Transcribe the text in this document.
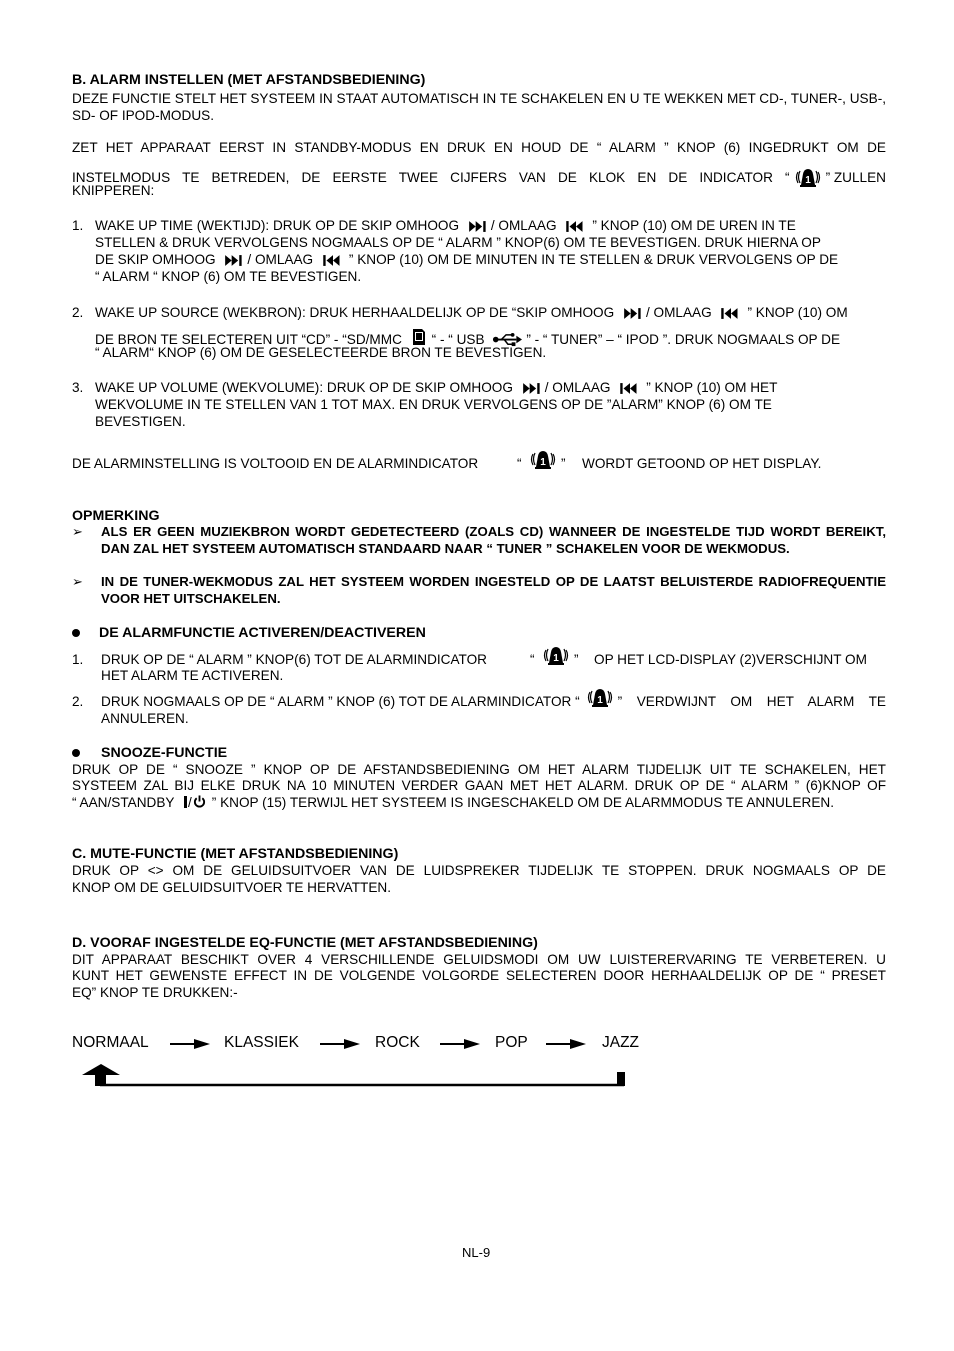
B. ALARM INSTELLEN (MET AFSTANDSBEDIENING)
DEZE FUNCTIE STELT HET SYSTEEM IN STAAT AUTOMATISCH IN TE SCHAKELEN EN U TE WEKKEN MET CD-, TUNER-, USB-, SD- OF IPOD-MODUS.
ZET HET APPARAAT EERST IN STANDBY-MODUS EN DRUK EN HOUD DE “ ALARM ” KNOP (6) INGEDRUKT OM DE
INSTELMODUS TE BETREDEN, DE EERSTE TWEE CIJFERS VAN DE KLOK EN DE INDICATOR “	” ZULLEN
KNIPPEREN:
1. WAKE UP TIME (WEKTIJD): DRUK OP DE SKIP OMHOOG / OMLAAG	” KNOP (10) OM DE UREN IN TE
STELLEN & DRUK VERVOLGENS NOGMAALS OP DE “ ALARM ” KNOP(6) OM TE BEVESTIGEN. DRUK HIERNA OP
DE SKIP OMHOOG / OMLAAG	” KNOP (10) OM DE MINUTEN IN TE STELLEN & DRUK VERVOLGENS OP DE
“ ALARM “ KNOP (6) OM TE BEVESTIGEN.
2. WAKE UP SOURCE (WEKBRON): DRUK HERHAALDELIJK OP DE “SKIP OMHOOG / OMLAAG	” KNOP (10) OM
DE BRON TE SELECTEREN UIT “CD” - “SD/MMC “ - “ USB	” - “ TUNER” – “ IPOD ”. DRUK NOGMAALS OP DE
“ ALARM“ KNOP (6) OM DE GESELECTEERDE BRON TE BEVESTIGEN.
3. WAKE UP VOLUME (WEKVOLUME): DRUK OP DE SKIP OMHOOG / OMLAAG	” KNOP (10) OM HET
WEKVOLUME IN TE STELLEN VAN 1 TOT MAX. EN DRUK VERVOLGENS OP DE ”ALARM” KNOP (6) OM TE
BEVESTIGEN.
DE ALARMINSTELLING IS VOLTOOID EN DE ALARMINDICATOR	“	” WORDT GETOOND OP HET DISPLAY.
OPMERKING
➢ ALS ER GEEN MUZIEKBRON WORDT GEDETECTEERD (ZOALS CD) WANNEER DE INGESTELDE TIJD WORDT BEREIKT, DAN ZAL HET SYSTEEM AUTOMATISCH STANDAARD NAAR “ TUNER ” SCHAKELEN VOOR DE WEKMODUS.
➢ IN DE TUNER-WEKMODUS ZAL HET SYSTEEM WORDEN INGESTELD OP DE LAATST BELUISTERDE RADIOFREQUENTIE VOOR HET UITSCHAKELEN.
DE ALARMFUNCTIE ACTIVEREN/DEACTIVEREN
1.	DRUK OP DE “ ALARM ” KNOP(6) TOT DE ALARMINDICATOR	“	” OP HET LCD-DISPLAY (2)VERSCHIJNT OM
HET ALARM TE ACTIVEREN.
2.	DRUK NOGMAALS OP DE “ ALARM ” KNOP (6) TOT DE ALARMINDICATOR “	” VERDWIJNT OM HET ALARM TE
ANNULEREN.
SNOOZE-FUNCTIE
DRUK OP DE “ SNOOZE ” KNOP OP DE AFSTANDSBEDIENING OM HET ALARM TIJDELIJK UIT TE SCHAKELEN, HET
SYSTEEM ZAL BIJ ELKE DRUK NA 10 MINUTEN VERDER GAAN MET HET ALARM. DRUK OP DE “ ALARM ” (6)KNOP OF
“ AAN/STANDBY / ” KNOP (15) TERWIJL HET SYSTEEM IS INGESCHAKELD OM DE ALARMMODUS TE ANNULEREN.
C. MUTE-FUNCTIE (MET AFSTANDSBEDIENING)
DRUK OP <> OM DE GELUIDSUITVOER VAN DE LUIDSPREKER TIJDELIJK TE STOPPEN. DRUK NOGMAALS OP DE
KNOP OM DE GELUIDSUITVOER TE HERVATTEN.
D. VOORAF INGESTELDE EQ-FUNCTIE (MET AFSTANDSBEDIENING)
DIT APPARAAT BESCHIKT OVER 4 VERSCHILLENDE GELUIDSMODI OM UW LUISTERERVARING TE VERBETEREN. U
KUNT HET GEWENSTE EFFECT IN DE VOLGENDE VOLGORDE SELECTEREN DOOR HERHAALDELIJK OP DE “ PRESET
EQ” KNOP TE DRUKKEN:-
NORMAAL	KLASSIEK	ROCK	POP	JAZZ
NL-9
